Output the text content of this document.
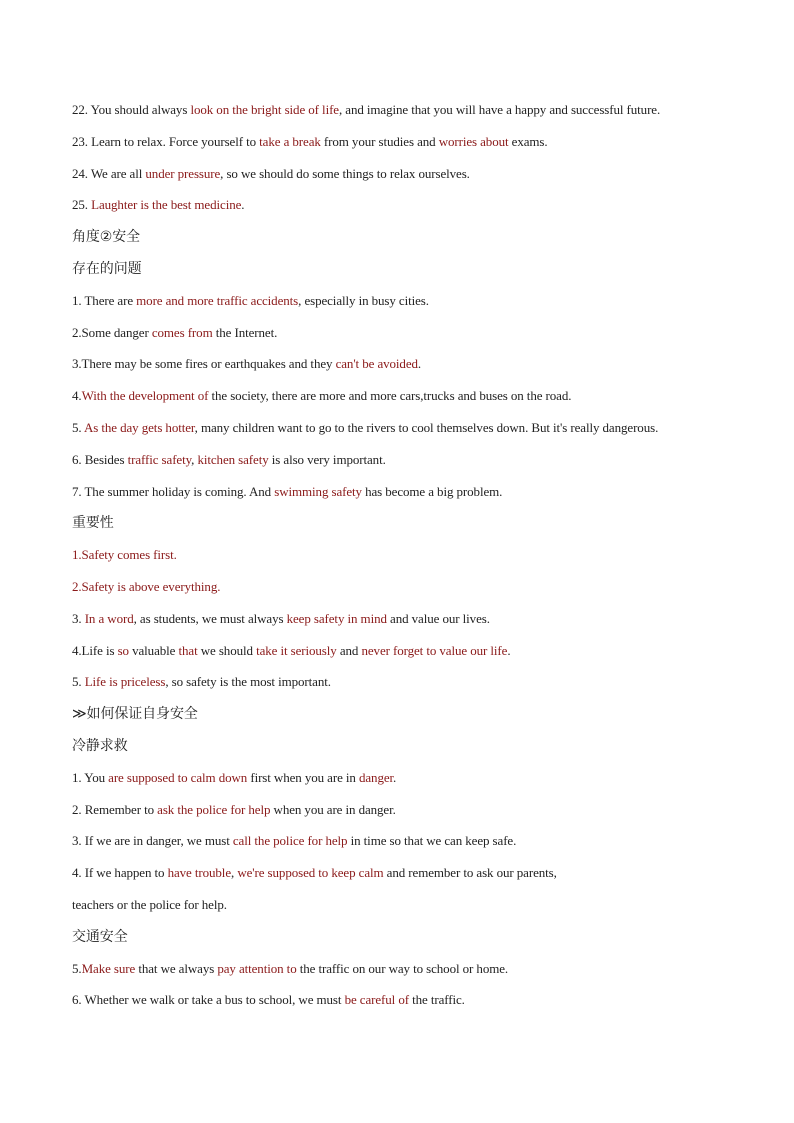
22. You should always look on the bright side of life, and imagine that you will have a happy and successful future.
23. Learn to relax. Force yourself to take a break from your studies and worries about exams.
24. We are all under pressure, so we should do some things to relax ourselves.
25. Laughter is the best medicine.
角度②安全
存在的问题
1. There are more and more traffic accidents, especially in busy cities.
2.Some danger comes from the Internet.
3.There may be some fires or earthquakes and they can't be avoided.
4.With the development of the society, there are more and more cars,trucks and buses on the road.
5. As the day gets hotter, many children want to go to the rivers to cool themselves down. But it's really dangerous.
6. Besides traffic safety, kitchen safety is also very important.
7. The summer holiday is coming. And swimming safety has become a big problem.
重要性
1.Safety comes first.
2.Safety is above everything.
3. In a word, as students, we must always keep safety in mind and value our lives.
4.Life is so valuable that we should take it seriously and never forget to value our life.
5. Life is priceless, so safety is the most important.
≫如何保证自身安全
冷静求救
1. You are supposed to calm down first when you are in danger.
2. Remember to ask the police for help when you are in danger.
3. If we are in danger, we must call the police for help in time so that we can keep safe.
4. If we happen to have trouble, we're supposed to keep calm and remember to ask our parents,
teachers or the police for help.
交通安全
5.Make sure that we always pay attention to the traffic on our way to school or home.
6. Whether we walk or take a bus to school, we must be careful of the traffic.
